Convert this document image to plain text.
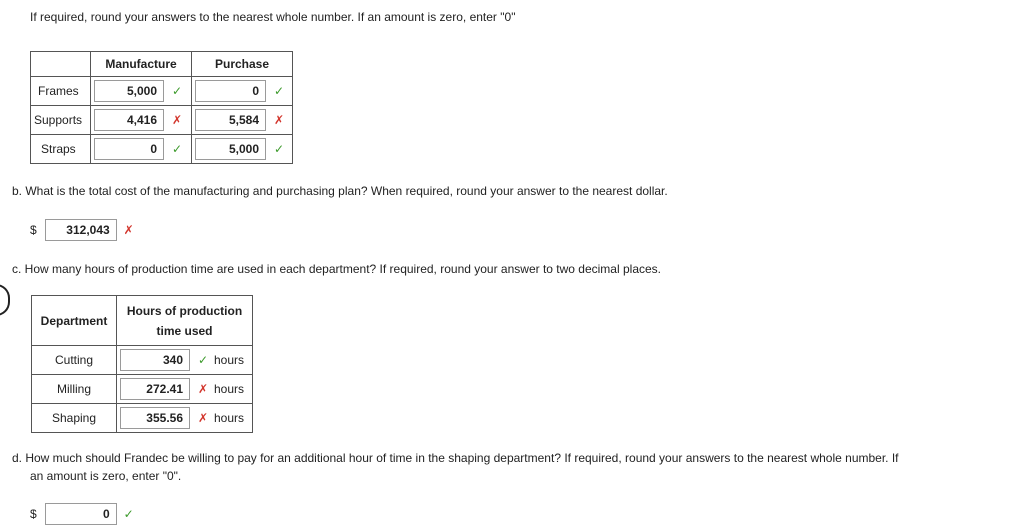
If required, round your answers to the nearest whole number. If an amount is zero, enter "0"
	Manufacture	Purchase
Frames	5,000 ✓	0 ✓

Supports	4,416 ✗	5,584 ✗

Straps	0 ✓	5,000 ✓
b. What is the total cost of the manufacturing and purchasing plan? When required, round your answer to the nearest dollar.
$	312,043	✗
c. How many hours of production time are used in each department? If required, round your answer to two decimal places.
Department	Hours of production
time used

Cutting	340 ✓ hours

Milling	272.41 ✗ hours

Shaping	355.56 ✗ hours
d. How much should Frandec be willing to pay for an additional hour of time in the shaping department? If required, round your answers to the nearest whole number. If
an amount is zero, enter "0".
$	0	✓
